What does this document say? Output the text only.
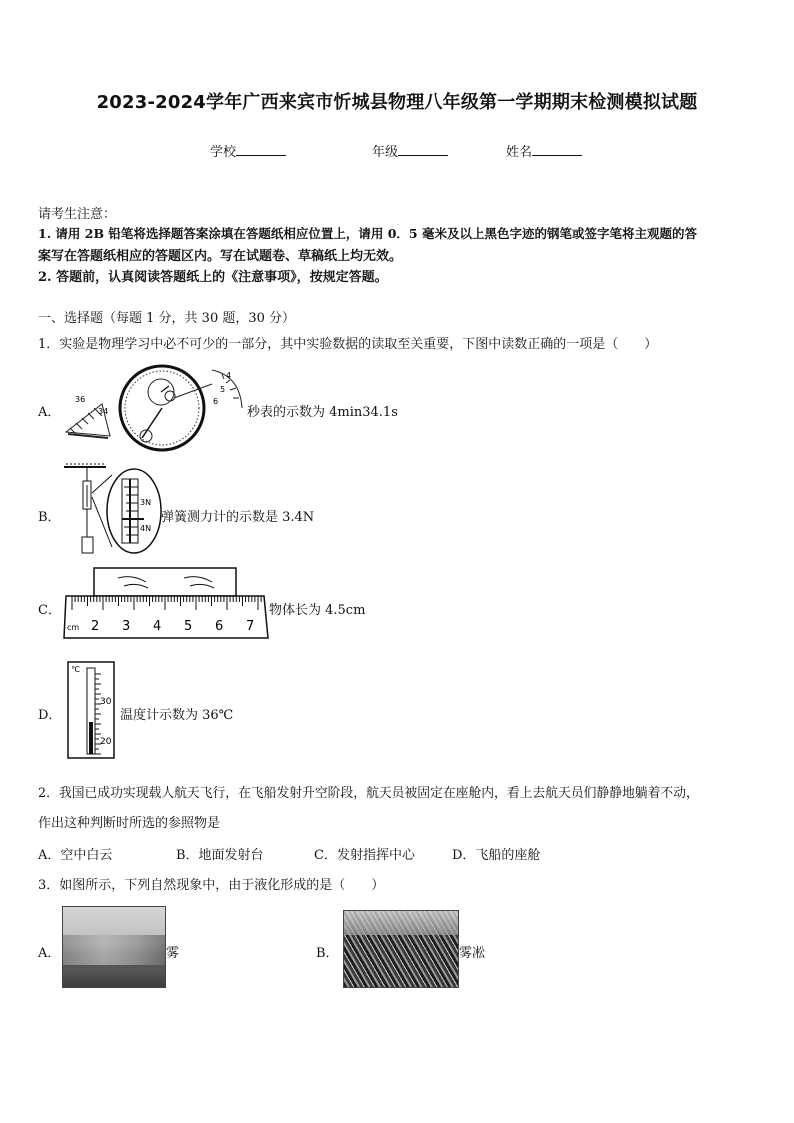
2023-2024学年广西来宾市忻城县物理八年级第一学期期末检测模拟试题
学校	年级	姓名
请考生注意：
1. 请用 2B 铅笔将选择题答案涂填在答题纸相应位置上，请用 0．5 毫米及以上黑色字迹的钢笔或签字笔将主观题的答
案写在答题纸相应的答题区内。写在试题卷、草稿纸上均无效。
2. 答题前，认真阅读答题纸上的《注意事项》，按规定答题。
一、选择题（每题 1 分，共 30 题，30 分）
1．实验是物理学习中必不可少的一部分，其中实验数据的读取至关重要，下图中读数正确的一项是（　　）
A．
36
34
4
5
6
秒表的示数为 4min34.1s
B．
3N
4N
弹簧测力计的示数是 3.4N
C．
cm 2 3 4 5 6 7
物体长为 4.5cm
D．
℃
30
20
温度计示数为 36℃
2．我国已成功实现载人航天飞行，在飞船发射升空阶段，航天员被固定在座舱内，看上去航天员们静静地躺着不动，
作出这种判断时所选的参照物是
A．空中白云	B．地面发射台	C．发射指挥中心	D．飞船的座舱
3．如图所示，下列自然现象中，由于液化形成的是（　　）
A．	雾	B．	雾凇
